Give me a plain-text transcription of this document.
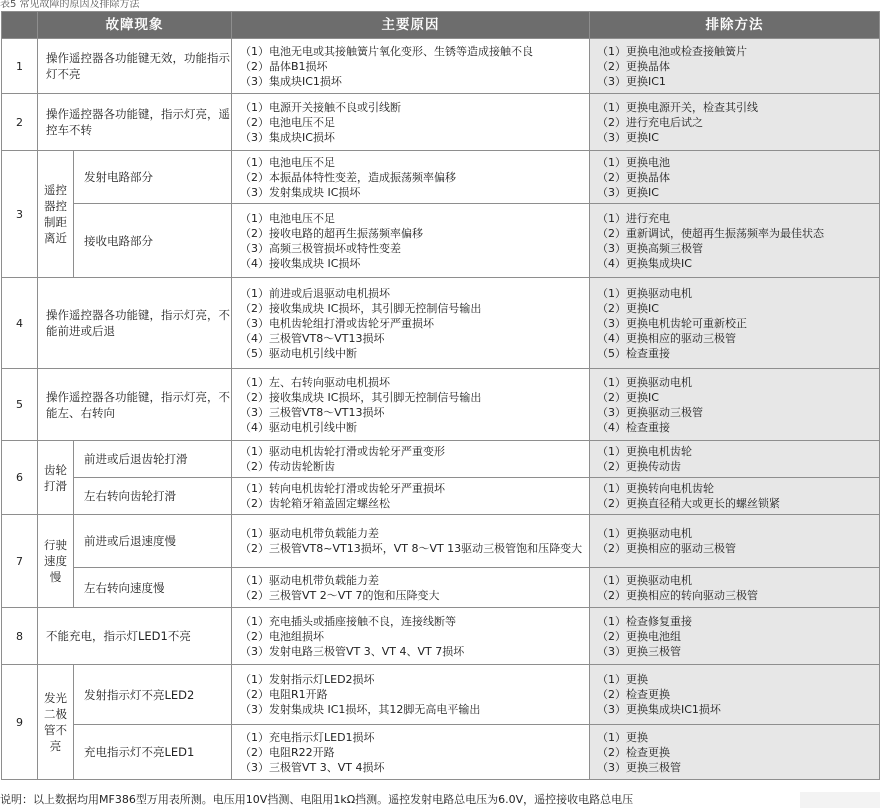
表5 常见故障的原因及排除方法
	故障现象		主要原因	排除方法
1	操作遥控器各功能键无效，功能指示灯不亮		（1）电池无电或其接触簧片氧化变形、生锈等造成接触不良
（2）晶体B1损坏
（3）集成块IC1损坏	（1）更换电池或检查接触簧片
（2）更换晶体
（3）更换IC1

2	操作遥控器各功能键，指示灯亮，遥控车不转		（1）电源开关接触不良或引线断
（2）电池电压不足
（3）集成块IC损坏	（1）更换电源开关，检查其引线
（2）进行充电后试之
（3）更换IC

3	遥控器控制距离近	发射电路部分	（1）电池电压不足
（2）本振晶体特性变差，造成振荡频率偏移
（3）发射集成块 IC损坏	（1）更换电池
（2）更换晶体
（3）更换IC

		接收电路部分	（1）电池电压不足
（2）接收电路的超再生振荡频率偏移
（3）高频三极管损坏或特性变差
（4）接收集成块 IC损坏	（1）进行充电
（2）重新调试，使超再生振荡频率为最佳状态
（3）更换高频三极管
（4）更换集成块IC

4	操作遥控器各功能键，指示灯亮，不能前进或后退		（1）前进或后退驱动电机损坏
（2）接收集成块 IC损坏，其引脚无控制信号输出
（3）电机齿轮组打滑或齿轮牙严重损坏
（4）三极管VT8～VT13损坏
（5）驱动电机引线中断	（1）更换驱动电机
（2）更换IC
（3）更换电机齿轮可重新校正
（4）更换相应的驱动三极管
（5）检查重接

5	操作遥控器各功能键，指示灯亮，不能左、右转向		（1）左、右转向驱动电机损坏
（2）接收集成块 IC损坏，其引脚无控制信号输出
（3）三极管VT8～VT13损坏
（4）驱动电机引线中断	（1）更换驱动电机
（2）更换IC
（3）更换驱动三极管
（4）检查重接

6	齿轮打滑	前进或后退齿轮打滑	（1）驱动电机齿轮打滑或齿轮牙严重变形
（2）传动齿轮断齿	（1）更换电机齿轮
（2）更换传动齿

		左右转向齿轮打滑	（1）转向电机齿轮打滑或齿轮牙严重损坏
（2）齿轮箱牙箱盖固定螺丝松	（1）更换转向电机齿轮
（2）更换直径稍大或更长的螺丝锁紧

7	行驶速度慢	前进或后退速度慢	（1）驱动电机带负载能力差
（2）三极管VT8~VT13损坏，VT 8～VT 13驱动三极管饱和压降变大	（1）更换驱动电机
（2）更换相应的驱动三极管

		左右转向速度慢	（1）驱动电机带负载能力差
（2）三极管VT 2～VT 7的饱和压降变大	（1）更换驱动电机
（2）更换相应的转向驱动三极管

8	不能充电，指示灯LED1不亮		（1）充电插头或插座接触不良，连接线断等
（2）电池组损坏
（3）发射电路三极管VT 3、VT 4、VT 7损坏	（1）检查修复重接
（2）更换电池组
（3）更换三极管

9	发光二极管不亮	发射指示灯不亮LED2	（1）发射指示灯LED2损坏
（2）电阻R1开路
（3）发射集成块 IC1损坏，其12脚无高电平输出	（1）更换
（2）检查更换
（3）更换集成块IC1损坏

		充电指示灯不亮LED1	（1）充电指示灯LED1损坏
（2）电阻R22开路
（3）三极管VT 3、VT 4损坏	（1）更换
（2）检查更换
（3）更换三极管
说明：以上数据均用MF386型万用表所测。电压用10V挡测、电阻用1kΩ挡测。遥控发射电路总电压为6.0V，遥控接收电路总电压
